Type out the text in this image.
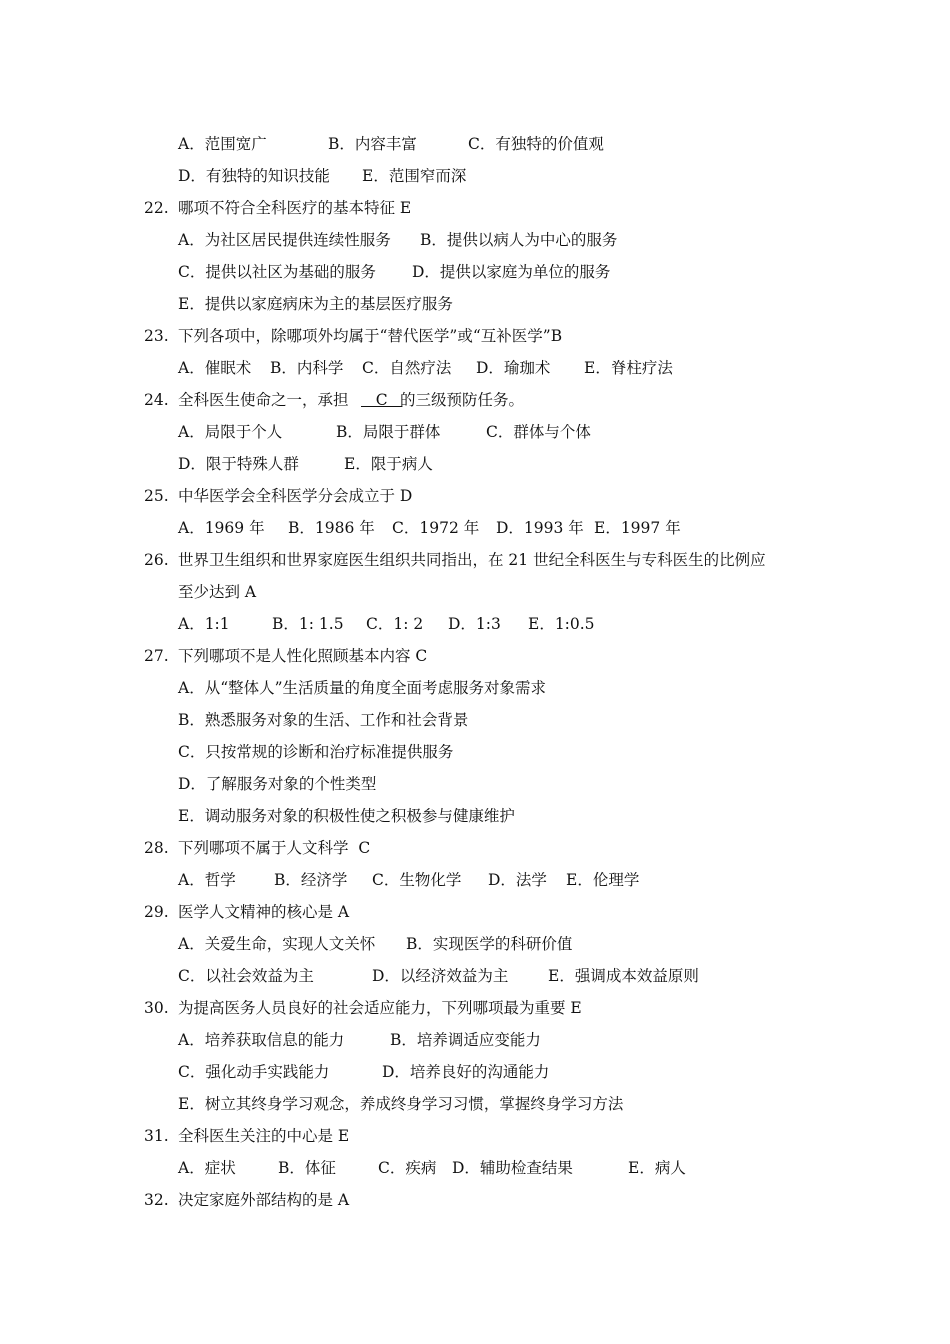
A．范围宽广	B．内容丰富	C．有独特的价值观
D．有独特的知识技能 E．范围窄而深
22. 哪项不符合全科医疗的基本特征 E
A．为社区居民提供连续性服务 B．提供以病人为中心的服务
C．提供以社区为基础的服务 D．提供以家庭为单位的服务
E．提供以家庭病床为主的基层医疗服务
23. 下列各项中，除哪项外均属于“替代医学”或“互补医学”B
A．催眠术 B．内科学 C．自然疗法 D．瑜珈术 E．脊柱疗法
24. 全科医生使命之一，承担 C
的三级预防任务。
A．局限于个人	B．局限于群体	C．群体与个体
D．限于特殊人群	E．限于病人
25. 中华医学会全科医学分会成立于 D
A．1969 年 B．1986 年 C．1972 年 D．1993 年 E．1997 年
26. 世界卫生组织和世界家庭医生组织共同指出，在 21 世纪全科医生与专科医生的比例应
至少达到 A
A．1:1	B．1: 1.5 C．1: 2 D．1:3 E．1:0.5
27. 下列哪项不是人性化照顾基本内容 C
A．从“整体人”生活质量的角度全面考虑服务对象需求
B．熟悉服务对象的生活、工作和社会背景
C．只按常规的诊断和治疗标准提供服务
D．了解服务对象的个性类型
E．调动服务对象的积极性使之积极参与健康维护
28. 下列哪项不属于人文科学  C
A．哲学 B．经济学 C．生物化学 D．法学 E．伦理学
29. 医学人文精神的核心是 A
A．关爱生命，实现人文关怀 B．实现医学的科研价值
C．以社会效益为主	D．以经济效益为主	E．强调成本效益原则
30. 为提高医务人员良好的社会适应能力，下列哪项最为重要 E
A．培养获取信息的能力	B．培养调适应变能力
C．强化动手实践能力	D．培养良好的沟通能力
E．树立其终身学习观念，养成终身学习习惯，掌握终身学习方法
31. 全科医生关注的中心是 E
A．症状	B．体征	C．疾病 D．辅助检查结果	E．病人
32. 决定家庭外部结构的是 A
